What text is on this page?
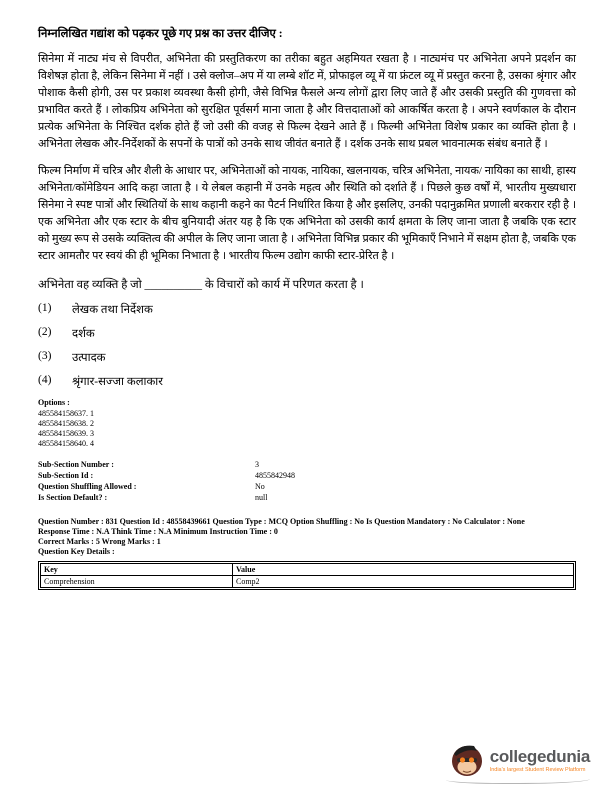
निम्नलिखित गद्यांश को पढ़कर पूछे गए प्रश्न का उत्तर दीजिए :

सिनेमा में नाट्य मंच से विपरीत, अभिनेता की प्रस्तुतिकरण का तरीका बहुत अहमियत रखता है । नाट्यमंच पर अभिनेता अपने प्रदर्शन का विशेषज्ञ होता है, लेकिन सिनेमा में नहीं । उसे क्लोज–अप में या लम्बे शॉट में, प्रोफाइल व्यू में या फ्रंटल व्यू में प्रस्तुत करना है, उसका श्रृंगार और पोशाक कैसी होगी, उस पर प्रकाश व्यवस्था कैसी होगी, जैसे विभिन्न फैसले अन्य लोगों द्वारा लिए जाते हैं और उसकी प्रस्तुति की गुणवत्ता को प्रभावित करते हैं । लोकप्रिय अभिनेता को सुरक्षित पूर्वसर्ग माना जाता है और वित्तदाताओं को आकर्षित करता है । अपने स्वर्णकाल के दौरान प्रत्येक अभिनेता के निश्चित दर्शक होते हैं जो उसी की वजह से फिल्म देखने आते हैं । फिल्मी अभिनेता विशेष प्रकार का व्यक्ति होता है । अभिनेता लेखक और-निर्देशकों के सपनों के पात्रों को उनके साथ जीवंत बनाते हैं । दर्शक उनके साथ प्रबल भावनात्मक संबंध बनाते हैं ।

फिल्म निर्माण में चरित्र और शैली के आधार पर, अभिनेताओं को नायक, नायिका, खलनायक, चरित्र अभिनेता, नायक/ नायिका का साथी, हास्य अभिनेता/कॉमेडियन आदि कहा जाता है । ये लेबल कहानी में उनके महत्व और स्थिति को दर्शाते हैं । पिछले कुछ वर्षों में, भारतीय मुख्यधारा सिनेमा ने स्पष्ट पात्रों और स्थितियों के साथ कहानी कहने का पैटर्न निर्धारित किया है और इसलिए, उनकी पदानुक्रमित प्रणाली बरकरार रही है । एक अभिनेता और एक स्टार के बीच बुनियादी अंतर यह है कि एक अभिनेता को उसकी कार्य क्षमता के लिए जाना जाता है जबकि एक स्टार को मुख्य रूप से उसके व्यक्तित्व की अपील के लिए जाना जाता है । अभिनेता विभिन्न प्रकार की भूमिकाएँ निभाने में सक्षम होता है, जबकि एक स्टार आमतौर पर स्वयं की ही भूमिका निभाता है । भारतीय फिल्म उद्योग काफी स्टार-प्रेरित है ।

अभिनेता वह व्यक्ति है जो __________ के विचारों को कार्य में परिणत करता है ।
(1)	लेखक तथा निर्देशक
(2)	दर्शक
(3)	उत्पादक
(4)	श्रृंगार-सज्जा कलाकार
Options :
485584158637. 1
485584158638. 2
485584158639. 3
485584158640. 4
Sub-Section Number :	3
Sub-Section Id :	4855842948
Question Shuffling Allowed :	No
Is Section Default? :	null
Question Number : 831 Question Id : 48558439661 Question Type : MCQ Option Shuffling : No Is Question Mandatory : No Calculator : None
Response Time : N.A Think Time : N.A Minimum Instruction Time : 0
Correct Marks : 5 Wrong Marks : 1
Question Key Details :
Key	Value
Comprehension	Comp2
collegedunia
India's largest Student Review Platform
